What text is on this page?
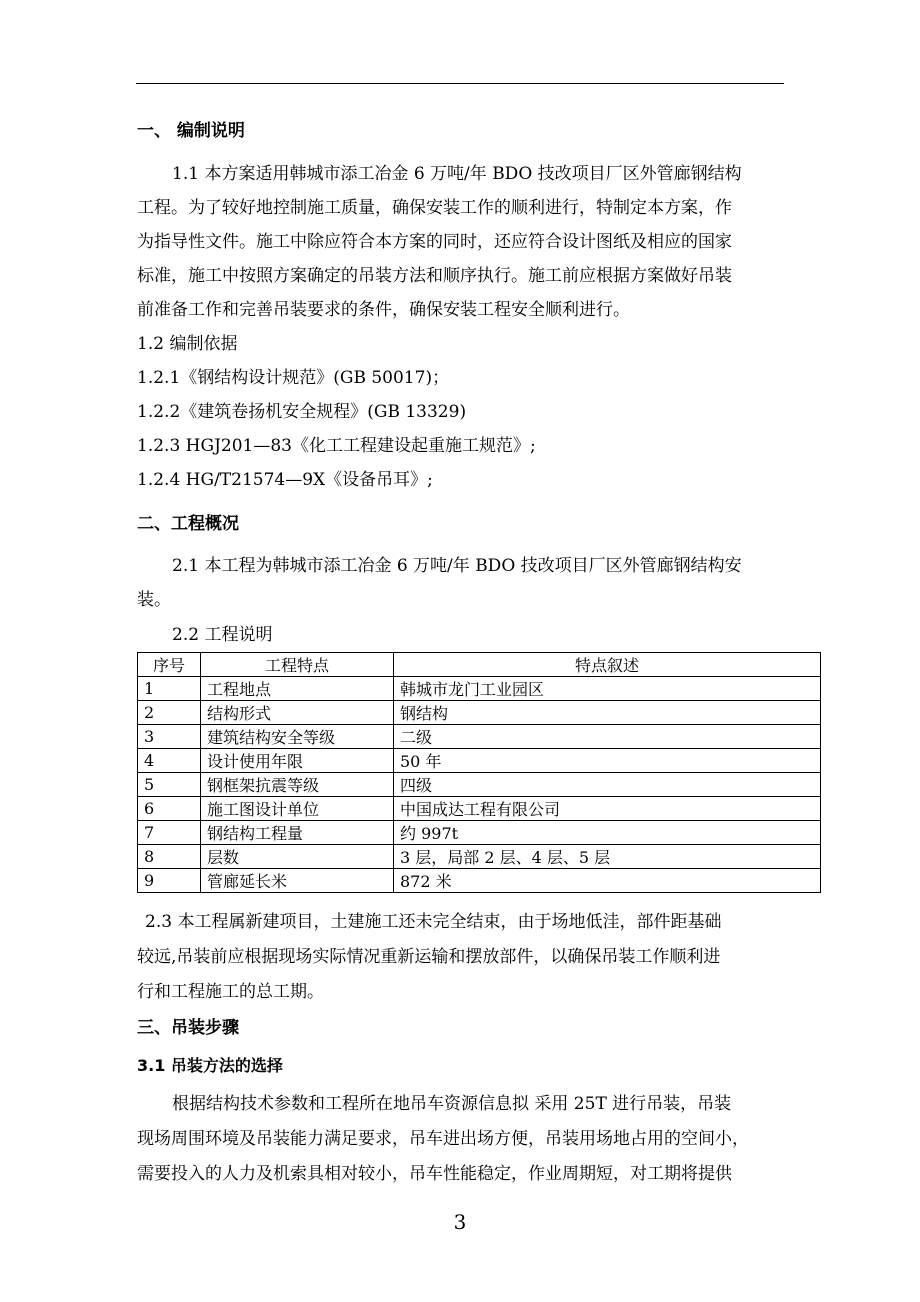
一、 编制说明
1.1 本方案适用韩城市添工冶金 6 万吨/年 BDO 技改项目厂区外管廊钢结构
工程。为了较好地控制施工质量，确保安装工作的顺利进行，特制定本方案，作
为指导性文件。施工中除应符合本方案的同时，还应符合设计图纸及相应的国家
标准，施工中按照方案确定的吊装方法和顺序执行。施工前应根据方案做好吊装
前准备工作和完善吊装要求的条件，确保安装工程安全顺利进行。
1.2 编制依据
1.2.1《钢结构设计规范》(GB 50017)；
1.2.2《建筑卷扬机安全规程》(GB 13329)
1.2.3 HGJ201—83《化工工程建设起重施工规范》;
1.2.4 HG/T21574—9X《设备吊耳》;
二、工程概况
2.1 本工程为韩城市添工冶金 6 万吨/年 BDO 技改项目厂区外管廊钢结构安
装。
2.2 工程说明
序号	工程特点	特点叙述
1	工程地点	韩城市龙门工业园区
2	结构形式	钢结构
3	建筑结构安全等级	二级
4	设计使用年限	50 年
5	钢框架抗震等级	四级
6	施工图设计单位	中国成达工程有限公司
7	钢结构工程量	约 997t
8	层数	3 层，局部 2 层、4 层、5 层
9	管廊延长米	872 米
2.3 本工程属新建项目，土建施工还未完全结束，由于场地低洼，部件距基础
较远,吊装前应根据现场实际情况重新运输和摆放部件，以确保吊装工作顺利进
行和工程施工的总工期。
三、吊装步骤
3.1 吊装方法的选择
根据结构技术参数和工程所在地吊车资源信息拟 采用 25T 进行吊装，吊装
现场周围环境及吊装能力满足要求，吊车进出场方便，吊装用场地占用的空间小，
需要投入的人力及机索具相对较小，吊车性能稳定，作业周期短，对工期将提供
3
